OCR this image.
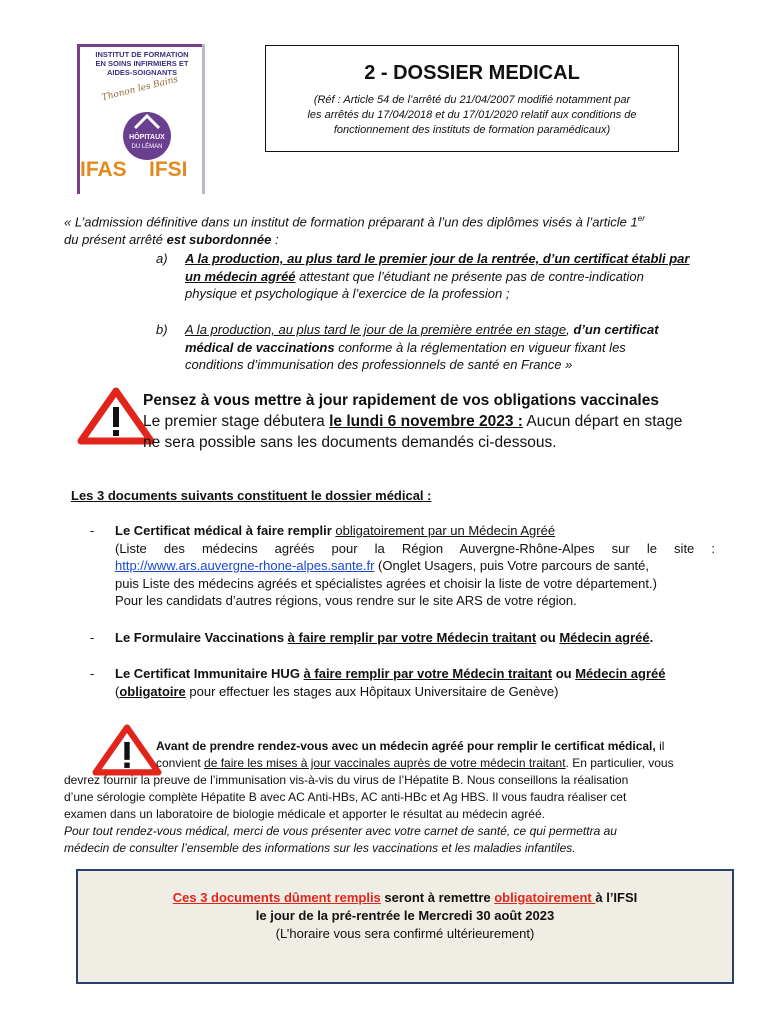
INSTITUT DE FORMATION
EN SOINS INFIRMIERS ET
AIDES-SOIGNANTS
Thonon les Bains
HÔPITAUX
DU LÉMAN
IFAS IFSI
2 - DOSSIER MEDICAL
(Réf : Article 54 de l’arrêté du 21/04/2007 modifié notamment par
les arrêtés du 17/04/2018 et du 17/01/2020 relatif aux conditions de
fonctionnement des instituts de formation paramédicaux)
« L’admission définitive dans un institut de formation préparant à l’un des diplômes visés à l’article 1er
du présent arrêté est subordonnée :
a) A la production, au plus tard le premier jour de la rentrée, d’un certificat établi par
un médecin agréé attestant que l’étudiant ne présente pas de contre-indication
physique et psychologique à l’exercice de la profession ;
b) A la production, au plus tard le jour de la première entrée en stage, d’un certificat
médical de vaccinations conforme à la réglementation en vigueur fixant les
conditions d’immunisation des professionnels de santé en France »
Pensez à vous mettre à jour rapidement de vos obligations vaccinales
Le premier stage débutera le lundi 6 novembre 2023 : Aucun départ en stage
ne sera possible sans les documents demandés ci-dessous.
Les 3 documents suivants constituent le dossier médical :
- Le Certificat médical à faire remplir obligatoirement par un Médecin Agréé
(Liste des médecins agréés pour la Région Auvergne-Rhône-Alpes sur le site :
http://www.ars.auvergne-rhone-alpes.sante.fr (Onglet Usagers, puis Votre parcours de santé,
puis Liste des médecins agréés et spécialistes agrées et choisir la liste de votre département.)
Pour les candidats d’autres régions, vous rendre sur le site ARS de votre région.
- Le Formulaire Vaccinations à faire remplir par votre Médecin traitant ou Médecin agréé.
- Le Certificat Immunitaire HUG à faire remplir par votre Médecin traitant ou Médecin agréé
(obligatoire pour effectuer les stages aux Hôpitaux Universitaire de Genève)
Avant de prendre rendez-vous avec un médecin agréé pour remplir le certificat médical, il
convient de faire les mises à jour vaccinales auprès de votre médecin traitant. En particulier, vous
devrez fournir la preuve de l’immunisation vis-à-vis du virus de l’Hépatite B. Nous conseillons la réalisation
d’une sérologie complète Hépatite B avec AC Anti-HBs, AC anti-HBc et Ag HBS. Il vous faudra réaliser cet
examen dans un laboratoire de biologie médicale et apporter le résultat au médecin agréé.
Pour tout rendez-vous médical, merci de vous présenter avec votre carnet de santé, ce qui permettra au
médecin de consulter l’ensemble des informations sur les vaccinations et les maladies infantiles.
Ces 3 documents dûment remplis seront à remettre obligatoirement à l’IFSI
le jour de la pré-rentrée le Mercredi 30 août 2023
(L’horaire vous sera confirmé ultérieurement)
